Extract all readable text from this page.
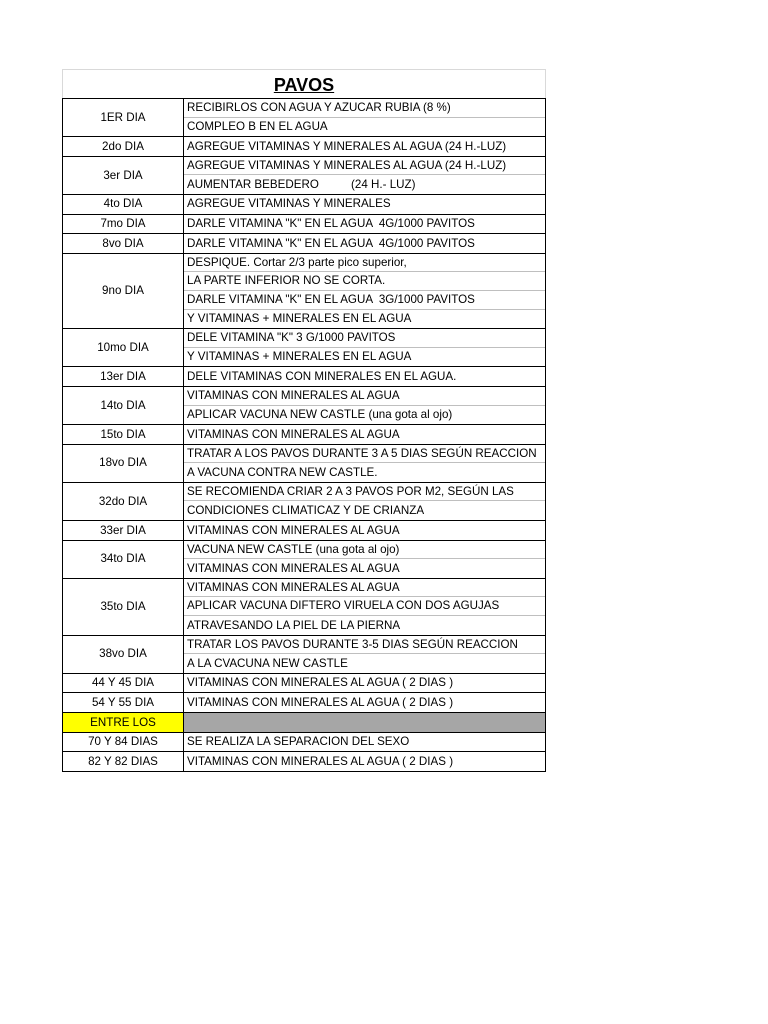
PAVOS
1ER DIA	RECIBIRLOS CON AGUA Y AZUCAR RUBIA (8 %)
COMPLEO B EN EL AGUA

2do DIA	AGREGUE VITAMINAS Y MINERALES AL AGUA (24 H.-LUZ)

3er DIA	AGREGUE VITAMINAS Y MINERALES AL AGUA (24 H.-LUZ)
AUMENTAR BEBEDERO          (24 H.- LUZ)

4to DIA	AGREGUE VITAMINAS Y MINERALES

7mo DIA	DARLE VITAMINA "K" EN EL AGUA  4G/1000 PAVITOS

8vo DIA	DARLE VITAMINA "K" EN EL AGUA  4G/1000 PAVITOS

9no DIA	DESPIQUE. Cortar 2/3 parte pico superior,
LA PARTE INFERIOR NO SE CORTA.
DARLE VITAMINA "K" EN EL AGUA  3G/1000 PAVITOS
Y VITAMINAS + MINERALES EN EL AGUA

10mo DIA	DELE VITAMINA "K" 3 G/1000 PAVITOS
Y VITAMINAS + MINERALES EN EL AGUA

13er DIA	DELE VITAMINAS CON MINERALES EN EL AGUA.

14to DIA	VITAMINAS CON MINERALES AL AGUA
APLICAR VACUNA NEW CASTLE (una gota al ojo)

15to DIA	VITAMINAS CON MINERALES AL AGUA

18vo DIA	TRATAR A LOS PAVOS DURANTE 3 A 5 DIAS SEGÚN REACCION
A VACUNA CONTRA NEW CASTLE.

32do DIA	SE RECOMIENDA CRIAR 2 A 3 PAVOS POR M2, SEGÚN LAS
CONDICIONES CLIMATICAZ Y DE CRIANZA

33er DIA	VITAMINAS CON MINERALES AL AGUA

34to DIA	VACUNA NEW CASTLE (una gota al ojo)
VITAMINAS CON MINERALES AL AGUA

35to DIA	VITAMINAS CON MINERALES AL AGUA
APLICAR VACUNA DIFTERO VIRUELA CON DOS AGUJAS
ATRAVESANDO LA PIEL DE LA PIERNA

38vo DIA	TRATAR LOS PAVOS DURANTE 3-5 DIAS SEGÚN REACCION
A LA CVACUNA NEW CASTLE

44 Y 45 DIA	VITAMINAS CON MINERALES AL AGUA ( 2 DIAS )

54 Y 55 DIA	VITAMINAS CON MINERALES AL AGUA ( 2 DIAS )

ENTRE LOS	

70 Y 84 DIAS	SE REALIZA LA SEPARACION DEL SEXO

82 Y 82 DIAS	VITAMINAS CON MINERALES AL AGUA ( 2 DIAS )
